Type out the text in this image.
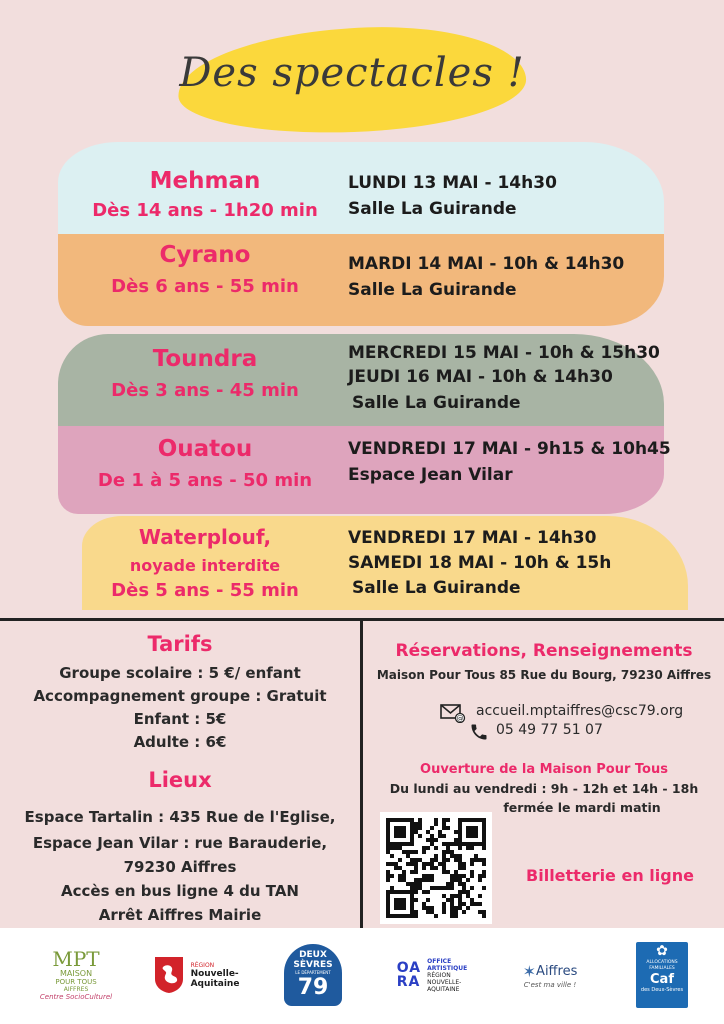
Des spectacles !
Mehman
Dès 14 ans - 1h20 min
LUNDI 13 MAI - 14h30
Salle La Guirande
Cyrano
Dès 6 ans - 55 min
MARDI 14 MAI - 10h & 14h30
Salle La Guirande
Toundra
Dès 3 ans - 45 min
MERCREDI 15 MAI - 10h & 15h30
JEUDI 16 MAI - 10h & 14h30
Salle La Guirande
Ouatou
De 1 à 5 ans - 50 min
VENDREDI 17 MAI - 9h15 & 10h45
Espace Jean Vilar
Waterplouf,
noyade interdite
Dès 5 ans - 55 min
VENDREDI 17 MAI - 14h30
SAMEDI 18 MAI - 10h & 15h
Salle La Guirande
Tarifs
Groupe scolaire : 5 €/ enfant
Accompagnement groupe : Gratuit
Enfant : 5€
Adulte : 6€
Lieux
Espace Tartalin : 435 Rue de l'Eglise,
Espace Jean Vilar : rue Barauderie,
79230 Aiffres
Accès en bus ligne 4 du TAN
Arrêt Aiffres Mairie
Réservations, Renseignements
Maison Pour Tous 85 Rue du Bourg, 79230 Aiffres
@ accueil.mptaiffres@csc79.org
05 49 77 51 07
Ouverture de la Maison Pour Tous
Du lundi au vendredi : 9h - 12h et 14h - 18h
fermée le mardi matin
Billetterie en ligne
MPT
MAISON
POUR TOUS
AIFFRES
Centre SocioCulturel
RÉGION
Nouvelle-
Aquitaine
DEUX
SÈVRES
LE DÉPARTEMENT
79
OA
RA
OFFICE
ARTISTIQUE
RÉGION
NOUVELLE-
AQUITAINE
✶ Aiffres
C'est ma ville !
✿
ALLOCATIONS
FAMILIALES
Caf
des Deux-Sèvres
